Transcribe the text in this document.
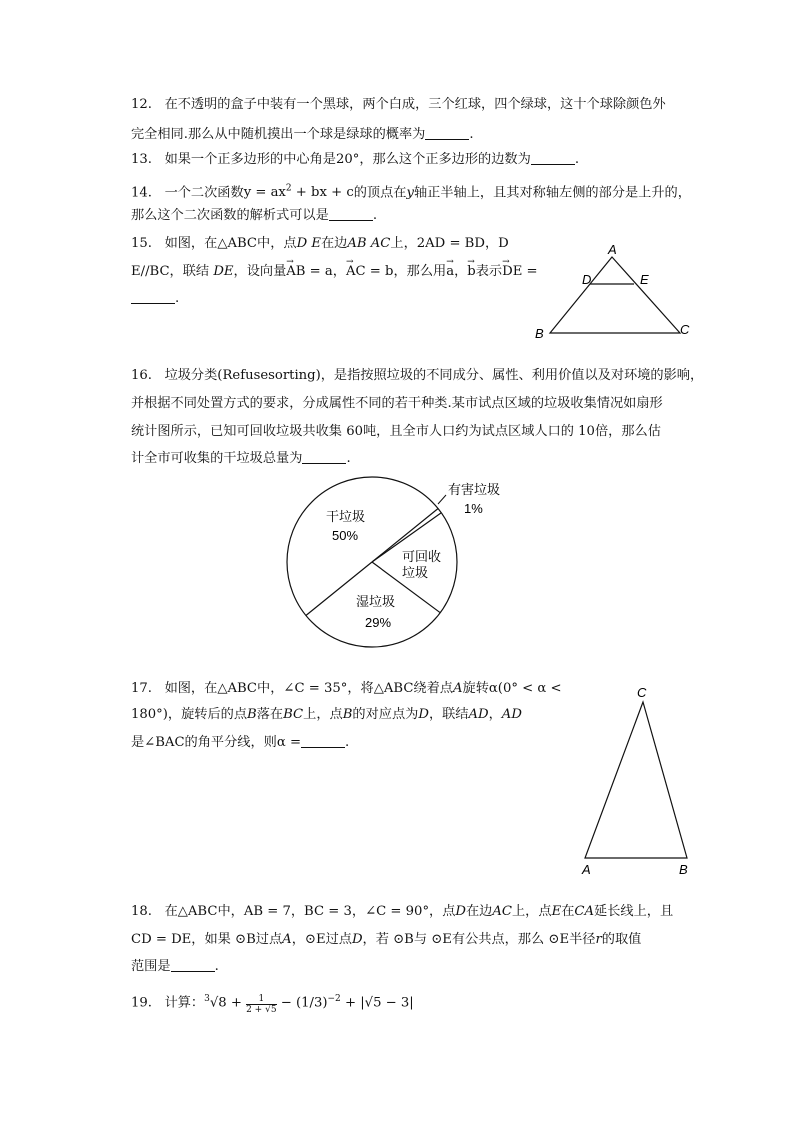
12. 在不透明的盒子中装有一个黑球，两个白成，三个红球，四个绿球，这十个球除颜色外
完全相同.那么从中随机摸出一个球是绿球的概率为	.
13. 如果一个正多边形的中心角是20°，那么这个正多边形的边数为	.
14. 一个二次函数$y = ax^2$ + bx + c的顶点在y轴正半轴上，且其对称轴左侧的部分是上升的，
那么这个二次函数的解析式可以是	.
15. 如图，在△ABC中，点D E在边AB AC上，2AD = BD，D
E//BC，联结 DE，设向量→ AB = a，→ AC = b，那么用→ a，→ b表示→ DE =
.
A
B	C
D	E
16. 垃圾分类(Refusesorting)，是指按照垃圾的不同成分、属性、利用价值以及对环境的影响，
并根据不同处置方式的要求，分成属性不同的若干种类.某市试点区域的垃圾收集情况如扇形
统计图所示，已知可回收垃圾共收集 60吨，且全市人口约为试点区域人口的 10倍，那么估
计全市可收集的干垃圾总量为	.
干垃圾
50%
有害垃圾
1%
可回收
垃圾
湿垃圾
29%
17. 如图，在△ABC中，∠C = 35°，将△ABC绕着点A旋转α(0° < α <
180°)，旋转后的点B落在BC上，点B的对应点为D，联结AD，AD
是∠BAC的角平分线，则α =	.
C
A	B
18. 在△ABC中，AB = 7，BC = 3，∠C = 90°，点D在边AC上，点E在CA延长线上，且
CD = DE，如果 ⊙B过点A，⊙E过点D，若 ⊙B与 ⊙E有公共点，那么 ⊙E半径r的取值
范围是	.
19. 计算：$^3√8 + \frac{1}{2 + √5} - (1/3)^{-2} + |√5 - 3|$
